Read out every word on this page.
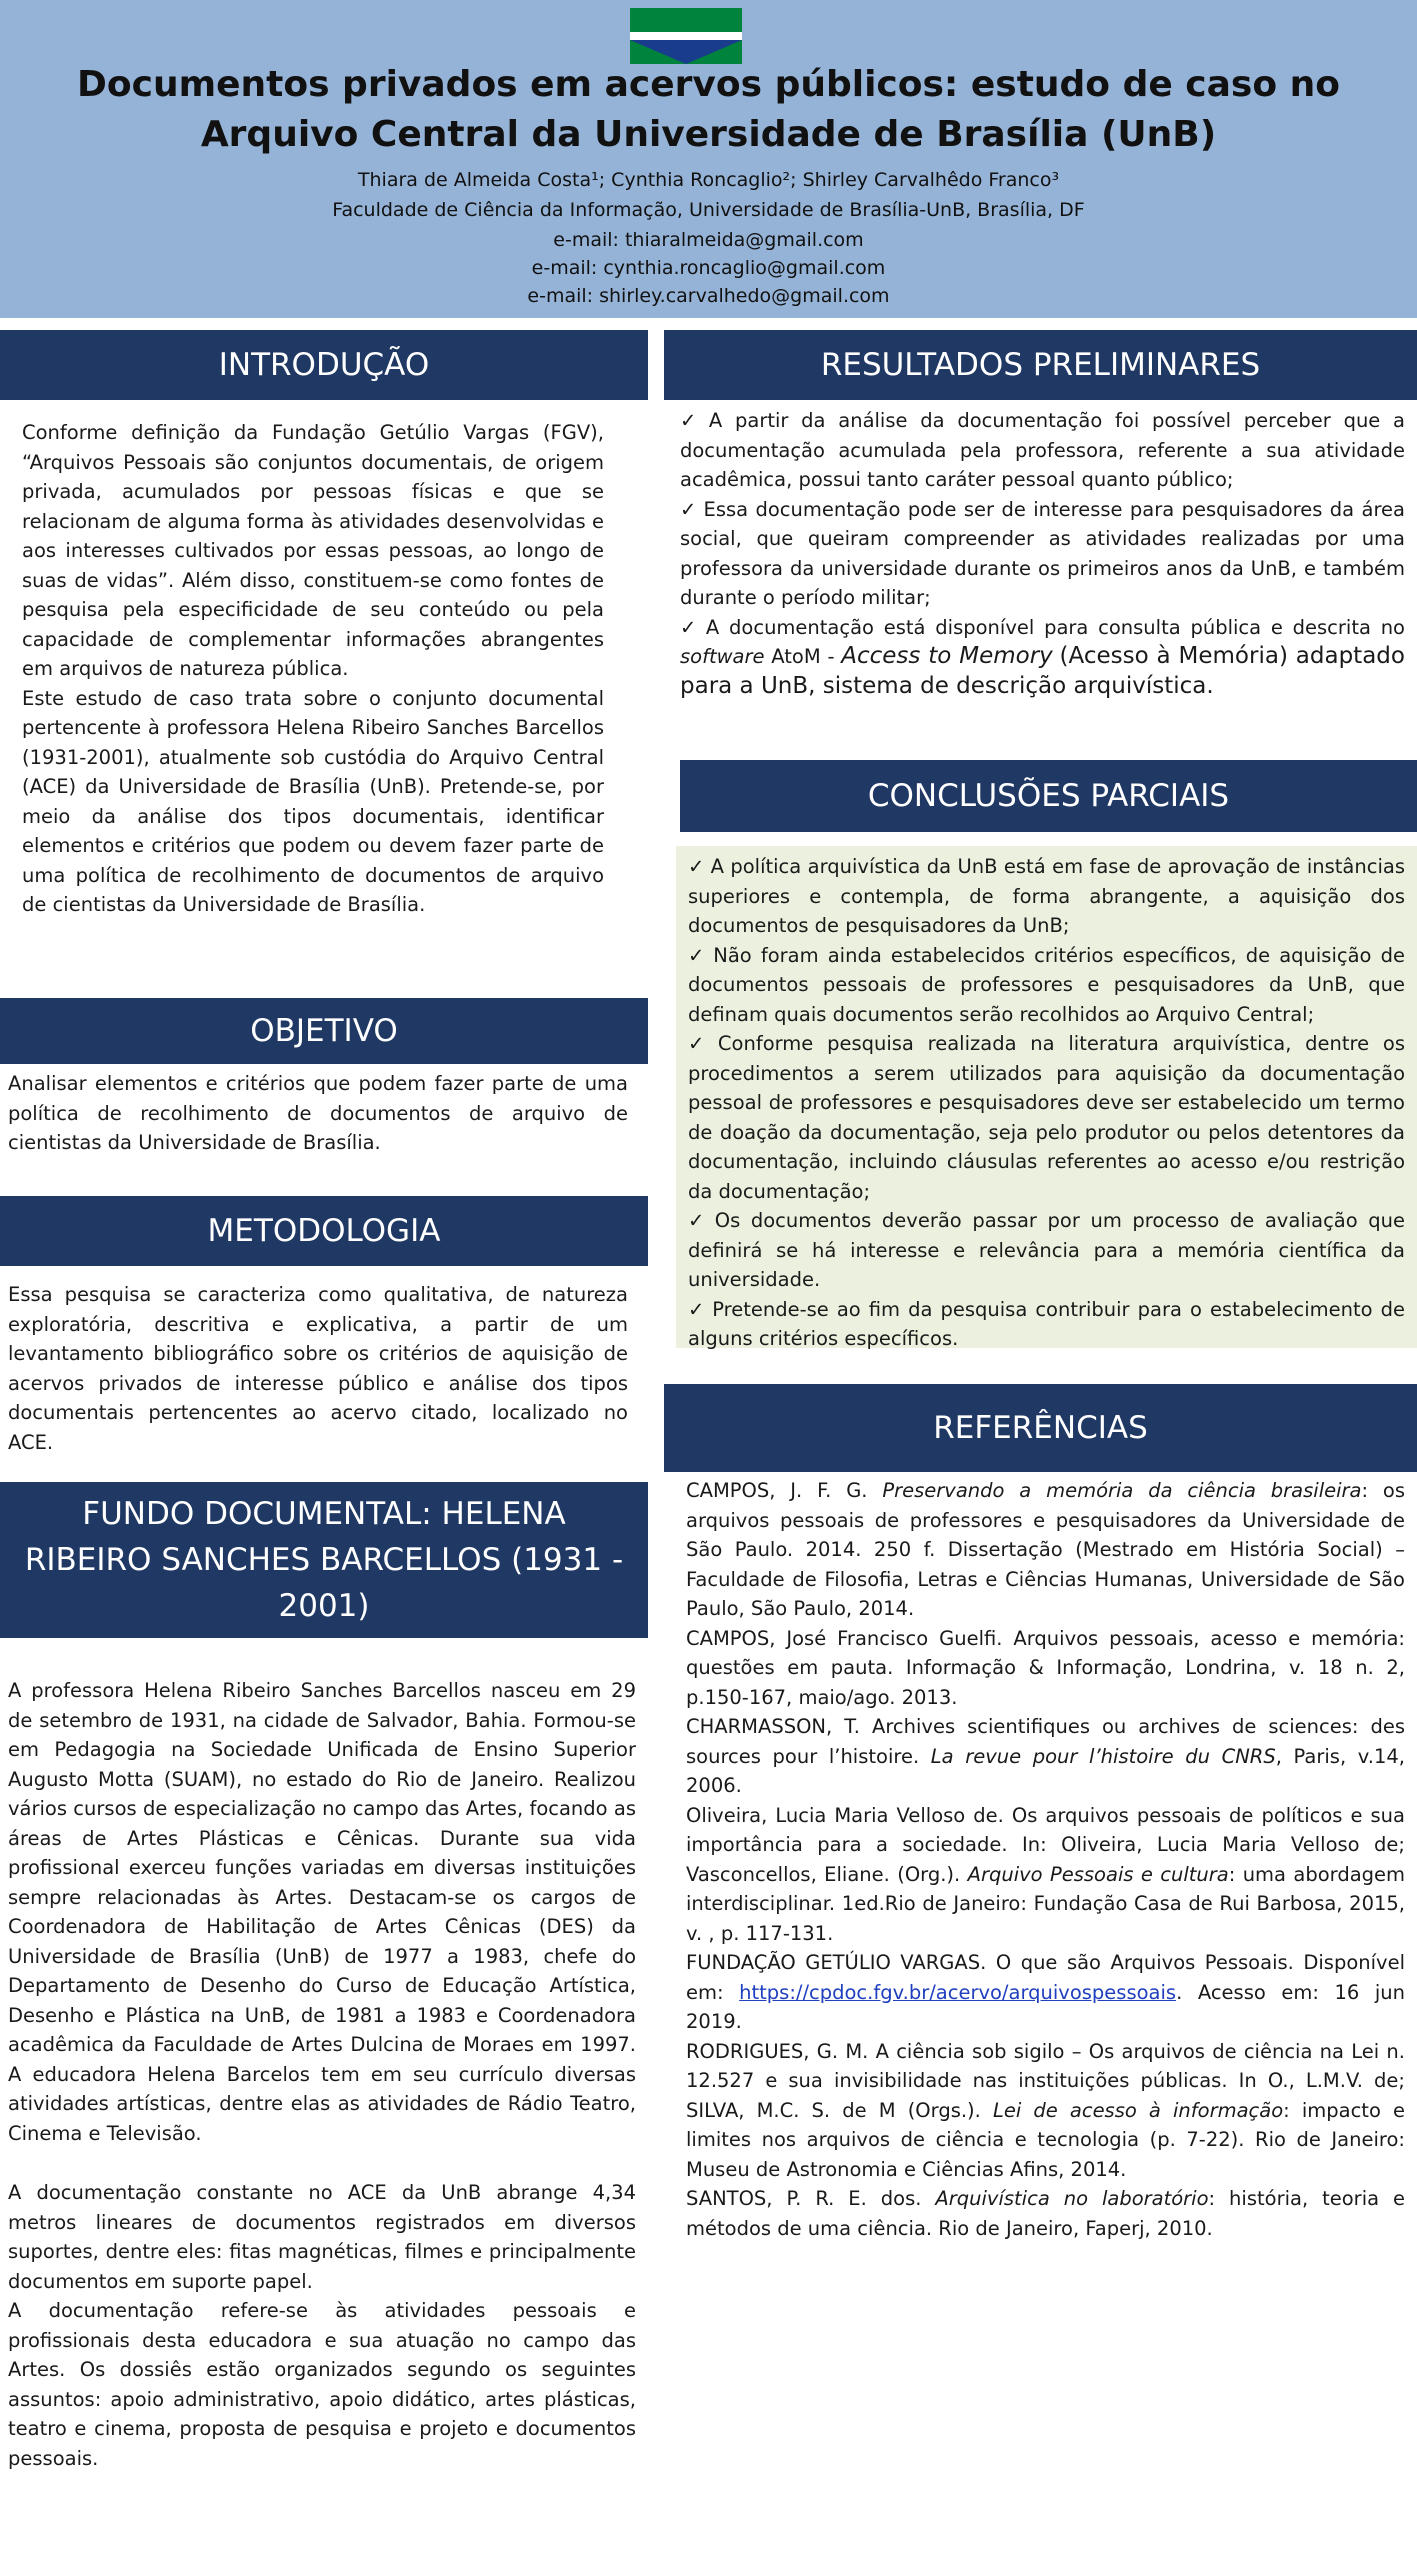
Documentos privados em acervos públicos: estudo de caso no Arquivo Central da Universidade de Brasília (UnB)
Thiara de Almeida Costa¹; Cynthia Roncaglio²; Shirley Carvalhêdo Franco³
Faculdade de Ciência da Informação, Universidade de Brasília-UnB, Brasília, DF
e-mail: thiaralmeida@gmail.com
e-mail: cynthia.roncaglio@gmail.com
e-mail: shirley.carvalhedo@gmail.com
INTRODUÇÃO

Conforme definição da Fundação Getúlio Vargas (FGV), “Arquivos Pessoais são conjuntos documentais, de origem privada, acumulados por pessoas físicas e que se relacionam de alguma forma às atividades desenvolvidas e aos interesses cultivados por essas pessoas, ao longo de suas de vidas”. Além disso, constituem-se como fontes de pesquisa pela especificidade de seu conteúdo ou pela capacidade de complementar informações abrangentes em arquivos de natureza pública.

Este estudo de caso trata sobre o conjunto documental pertencente à professora Helena Ribeiro Sanches Barcellos (1931-2001), atualmente sob custódia do Arquivo Central (ACE) da Universidade de Brasília (UnB). Pretende-se, por meio da análise dos tipos documentais, identificar elementos e critérios que podem ou devem fazer parte de uma política de recolhimento de documentos de arquivo de cientistas da Universidade de Brasília.

OBJETIVO

Analisar elementos e critérios que podem fazer parte de uma política de recolhimento de documentos de arquivo de cientistas da Universidade de Brasília.

METODOLOGIA

Essa pesquisa se caracteriza como qualitativa, de natureza exploratória, descritiva e explicativa, a partir de um levantamento bibliográfico sobre os critérios de aquisição de acervos privados de interesse público e análise dos tipos documentais pertencentes ao acervo citado, localizado no ACE.

FUNDO DOCUMENTAL: HELENA RIBEIRO SANCHES BARCELLOS (1931 - 2001)

A professora Helena Ribeiro Sanches Barcellos nasceu em 29 de setembro de 1931, na cidade de Salvador, Bahia. Formou-se em Pedagogia na Sociedade Unificada de Ensino Superior Augusto Motta (SUAM), no estado do Rio de Janeiro. Realizou vários cursos de especialização no campo das Artes, focando as áreas de Artes Plásticas e Cênicas. Durante sua vida profissional exerceu funções variadas em diversas instituições sempre relacionadas às Artes. Destacam-se os cargos de Coordenadora de Habilitação de Artes Cênicas (DES) da Universidade de Brasília (UnB) de 1977 a 1983, chefe do Departamento de Desenho do Curso de Educação Artística, Desenho e Plástica na UnB, de 1981 a 1983 e Coordenadora acadêmica da Faculdade de Artes Dulcina de Moraes em 1997. A educadora Helena Barcelos tem em seu currículo diversas atividades artísticas, dentre elas as atividades de Rádio Teatro, Cinema e Televisão.

A documentação constante no ACE da UnB abrange 4,34 metros lineares de documentos registrados em diversos suportes, dentre eles: fitas magnéticas, filmes e principalmente documentos em suporte papel.

A documentação refere-se às atividades pessoais e profissionais desta educadora e sua atuação no campo das Artes. Os dossiês estão organizados segundo os seguintes assuntos: apoio administrativo, apoio didático, artes plásticas, teatro e cinema, proposta de pesquisa e projeto e documentos pessoais.

RESULTADOS PRELIMINARES

✓ A partir da análise da documentação foi possível perceber que a documentação acumulada pela professora, referente a sua atividade acadêmica, possui tanto caráter pessoal quanto público;

✓ Essa documentação pode ser de interesse para pesquisadores da área social, que queiram compreender as atividades realizadas por uma professora da universidade durante os primeiros anos da UnB, e também durante o período militar;

✓ A documentação está disponível para consulta pública e descrita no software AtoM - Access to Memory (Acesso à Memória) adaptado para a UnB, sistema de descrição arquivística.

CONCLUSÕES PARCIAIS

✓ A política arquivística da UnB está em fase de aprovação de instâncias superiores e contempla, de forma abrangente, a aquisição dos documentos de pesquisadores da UnB;

✓ Não foram ainda estabelecidos critérios específicos, de aquisição de documentos pessoais de professores e pesquisadores da UnB, que definam quais documentos serão recolhidos ao Arquivo Central;

✓ Conforme pesquisa realizada na literatura arquivística, dentre os procedimentos a serem utilizados para aquisição da documentação pessoal de professores e pesquisadores deve ser estabelecido um termo de doação da documentação, seja pelo produtor ou pelos detentores da documentação, incluindo cláusulas referentes ao acesso e/ou restrição da documentação;

✓ Os documentos deverão passar por um processo de avaliação que definirá se há interesse e relevância para a memória científica da universidade.

✓ Pretende-se ao fim da pesquisa contribuir para o estabelecimento de alguns critérios específicos.

REFERÊNCIAS

CAMPOS, J. F. G. Preservando a memória da ciência brasileira: os arquivos pessoais de professores e pesquisadores da Universidade de São Paulo. 2014. 250 f. Dissertação (Mestrado em História Social) – Faculdade de Filosofia, Letras e Ciências Humanas, Universidade de São Paulo, São Paulo, 2014.

CAMPOS, José Francisco Guelfi. Arquivos pessoais, acesso e memória: questões em pauta. Informação & Informação, Londrina, v. 18 n. 2, p.150-167, maio/ago. 2013.

CHARMASSON, T. Archives scientifiques ou archives de sciences: des sources pour l’histoire. La revue pour l’histoire du CNRS, Paris, v.14, 2006.

Oliveira, Lucia Maria Velloso de. Os arquivos pessoais de políticos e sua importância para a sociedade. In: Oliveira, Lucia Maria Velloso de; Vasconcellos, Eliane. (Org.). Arquivo Pessoais e cultura: uma abordagem interdisciplinar. 1ed.Rio de Janeiro: Fundação Casa de Rui Barbosa, 2015, v. , p. 117-131.

FUNDAÇÃO GETÚLIO VARGAS. O que são Arquivos Pessoais. Disponível em: https://cpdoc.fgv.br/acervo/arquivospessoais. Acesso em: 16 jun 2019.

RODRIGUES, G. M. A ciência sob sigilo – Os arquivos de ciência na Lei n. 12.527 e sua invisibilidade nas instituições públicas. In O., L.M.V. de; SILVA, M.C. S. de M (Orgs.). Lei de acesso à informação: impacto e limites nos arquivos de ciência e tecnologia (p. 7-22). Rio de Janeiro: Museu de Astronomia e Ciências Afins, 2014.

SANTOS, P. R. E. dos. Arquivística no laboratório: história, teoria e métodos de uma ciência. Rio de Janeiro, Faperj, 2010.
